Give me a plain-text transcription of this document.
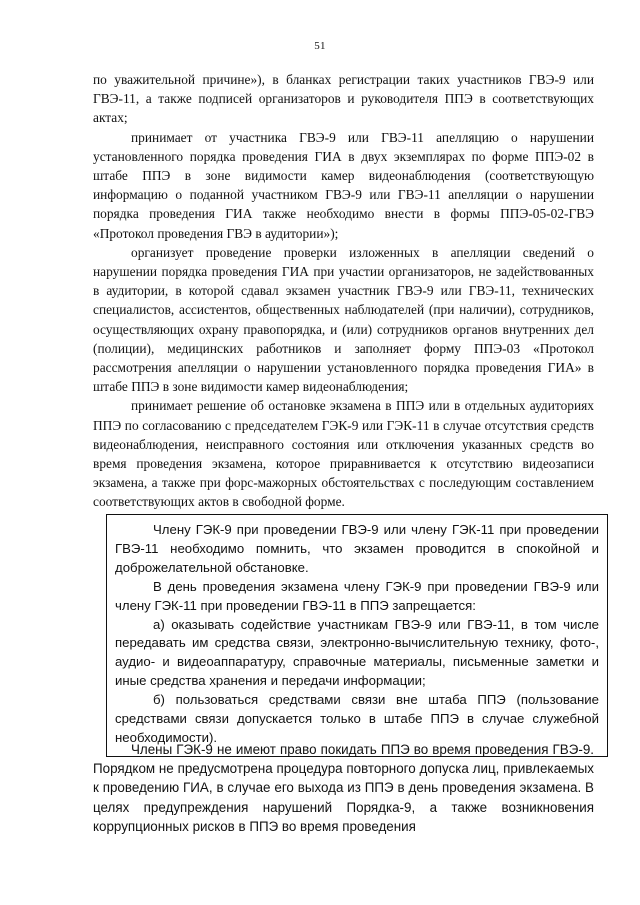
51

по уважительной причине»), в бланках регистрации таких участников ГВЭ-9 или ГВЭ-11, а также подписей организаторов и руководителя ППЭ в соответствующих актах;

принимает от участника ГВЭ-9 или ГВЭ-11 апелляцию о нарушении установленного порядка проведения ГИА в двух экземплярах по форме ППЭ-02 в штабе ППЭ в зоне видимости камер видеонаблюдения (соответствующую информацию о поданной участником ГВЭ-9 или ГВЭ-11 апелляции о нарушении порядка проведения ГИА также необходимо внести в формы ППЭ-05-02-ГВЭ «Протокол проведения ГВЭ в аудитории»);

организует проведение проверки изложенных в апелляции сведений о нарушении порядка проведения ГИА при участии организаторов, не задействованных в аудитории, в которой сдавал экзамен участник ГВЭ-9 или ГВЭ-11, технических специалистов, ассистентов, общественных наблюдателей (при наличии), сотрудников, осуществляющих охрану правопорядка, и (или) сотрудников органов внутренних дел (полиции), медицинских работников и заполняет форму ППЭ-03 «Протокол рассмотрения апелляции о нарушении установленного порядка проведения ГИА» в штабе ППЭ в зоне видимости камер видеонаблюдения;

принимает решение об остановке экзамена в ППЭ или в отдельных аудиториях ППЭ по согласованию с председателем ГЭК-9 или ГЭК-11 в случае отсутствия средств видеонаблюдения, неисправного состояния или отключения указанных средств во время проведения экзамена, которое приравнивается к отсутствию видеозаписи экзамена, а также при форс-мажорных обстоятельствах с последующим составлением соответствующих актов в свободной форме.

Члену ГЭК-9 при проведении ГВЭ-9 или члену ГЭК-11 при проведении ГВЭ-11 необходимо помнить, что экзамен проводится в спокойной и доброжелательной обстановке.

В день проведения экзамена члену ГЭК-9 при проведении ГВЭ-9 или члену ГЭК-11 при проведении ГВЭ-11 в ППЭ запрещается:

а) оказывать содействие участникам ГВЭ-9 или ГВЭ-11, в том числе передавать им средства связи, электронно-вычислительную технику, фото-, аудио- и видеоаппаратуру, справочные материалы, письменные заметки и иные средства хранения и передачи информации;

б) пользоваться средствами связи вне штаба ППЭ (пользование средствами связи допускается только в штабе ППЭ в случае служебной необходимости).

Члены ГЭК-9 не имеют право покидать ППЭ во время проведения ГВЭ-9. Порядком не предусмотрена процедура повторного допуска лиц, привлекаемых к проведению ГИА, в случае его выхода из ППЭ в день проведения экзамена. В целях предупреждения нарушений Порядка-9, а также возникновения коррупционных рисков в ППЭ во время проведения
